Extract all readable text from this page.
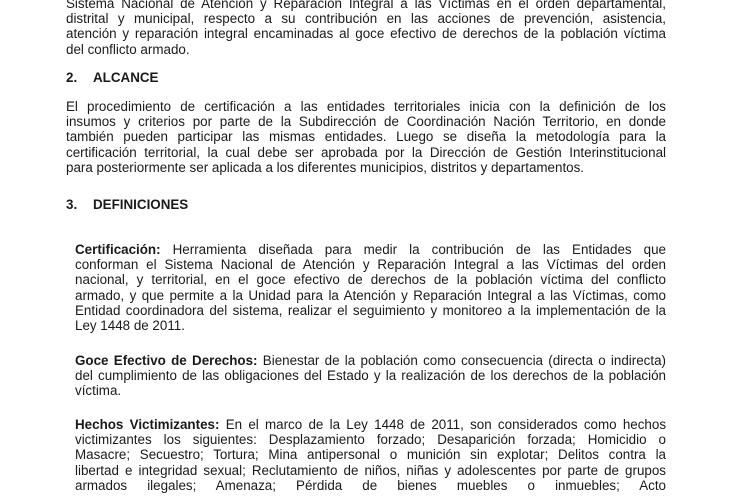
Sistema Nacional de Atención y Reparación Integral a las Víctimas en el orden departamental,
distrital y municipal, respecto a su contribución en las acciones de prevención, asistencia,
atención y reparación integral encaminadas al goce efectivo de derechos de la población víctima
del conflicto armado.
2. ALCANCE
El procedimiento de certificación a las entidades territoriales inicia con la definición de los
insumos y criterios por parte de la Subdirección de Coordinación Nación Territorio, en donde
también pueden participar las mismas entidades. Luego se diseña la metodología para la
certificación territorial, la cual debe ser aprobada por la Dirección de Gestión Interinstitucional
para posteriormente ser aplicada a los diferentes municipios, distritos y departamentos.
3. DEFINICIONES
Certificación: Herramienta diseñada para medir la contribución de las Entidades que
conforman el Sistema Nacional de Atención y Reparación Integral a las Víctimas del orden
nacional, y territorial, en el goce efectivo de derechos de la población víctima del conflicto
armado, y que permite a la Unidad para la Atención y Reparación Integral a las Víctimas, como
Entidad coordinadora del sistema, realizar el seguimiento y monitoreo a la implementación de la
Ley 1448 de 2011.
Goce Efectivo de Derechos: Bienestar de la población como consecuencia (directa o indirecta)
del cumplimiento de las obligaciones del Estado y la realización de los derechos de la población
víctima.
Hechos Victimizantes: En el marco de la Ley 1448 de 2011, son considerados como hechos
victimizantes los siguientes: Desplazamiento forzado; Desaparición forzada; Homicidio o
Masacre; Secuestro; Tortura; Mina antipersonal o munición sin explotar; Delitos contra la
libertad e integridad sexual; Reclutamiento de niños, niñas y adolescentes por parte de grupos
armados ilegales; Amenaza; Pérdida de bienes muebles o inmuebles; Acto
